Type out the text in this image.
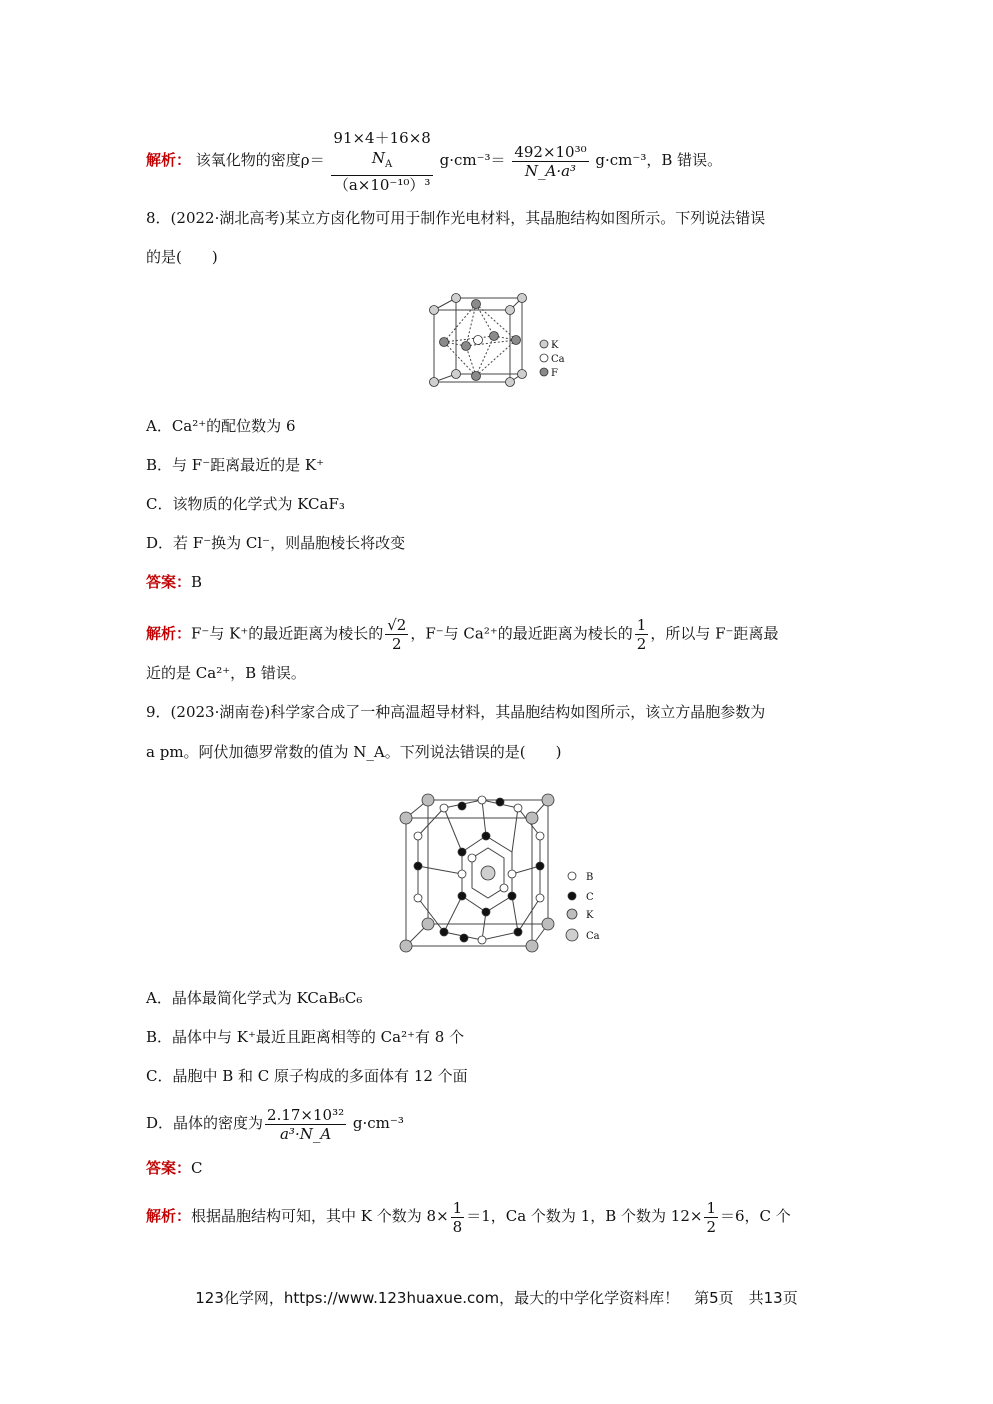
解析： 该氧化物的密度ρ＝
91×4＋16×8
$N_A$
（a×10⁻¹⁰）³
$g\cdot cm^{-3}= \frac{\text{492×10³⁰}}{\text{N\_A·a³}} g\cdot cm^{-3}$，B 错误。
8．(2022·湖北高考)某立方卤化物可用于制作光电材料，其晶胞结构如图所示。下列说法错误
的是(　　)
K
Ca
F
A．Ca²⁺的配位数为 6
B．与 F⁻距离最近的是 K⁺
C．该物质的化学式为 KCaF₃
D．若 F⁻换为 Cl⁻，则晶胞棱长将改变
答案：B
解析：F⁻与 K⁺的最近距离为棱长的 $\frac{√2}{2}$ ，F⁻与 Ca²⁺的最近距离为棱长的 $\frac{1}{2}$ ，所以与 F⁻距离最
近的是 Ca²⁺，B 错误。
9．(2023·湖南卷)科学家合成了一种高温超导材料，其晶胞结构如图所示，该立方晶胞参数为
a pm。阿伏加德罗常数的值为 N_A。下列说法错误的是(　　)
B
C
K
Ca
A．晶体最简化学式为 KCaB₆C₆
B．晶体中与 K⁺最近且距离相等的 Ca²⁺有 8 个
C．晶胞中 B 和 C 原子构成的多面体有 12 个面
D．晶体的密度为 $\frac{\text{2.17×10³²}}{\text{a³·N\_A}} g\cdot cm^{-3}$
答案：C
解析：根据晶胞结构可知，其中 K 个数为 $8\times \frac{1}{8} =1$，Ca 个数为 1，B 个数为 $12\times \frac{1}{2} =6$，C 个
123化学网，https://www.123huaxue.com，最大的中学化学资料库！　第5页　共13页
